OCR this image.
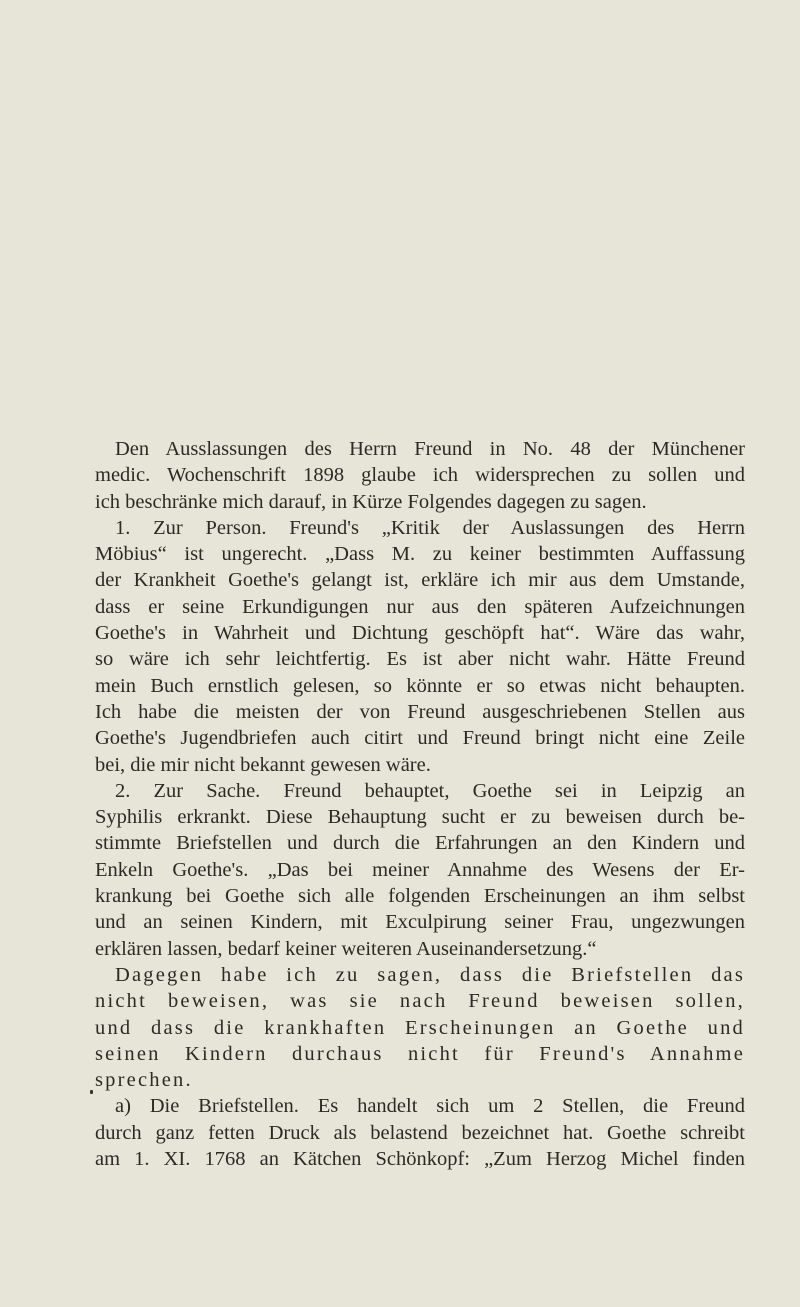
Den Ausslassungen des Herrn Freund in No. 48 der Münchener
medic. Wochenschrift 1898 glaube ich widersprechen zu sollen und
ich beschränke mich darauf, in Kürze Folgendes dagegen zu sagen.
1. Zur Person. Freund's „Kritik der Auslassungen des Herrn
Möbius“ ist ungerecht. „Dass M. zu keiner bestimmten Auffassung
der Krankheit Goethe's gelangt ist, erkläre ich mir aus dem Umstande,
dass er seine Erkundigungen nur aus den späteren Aufzeichnungen
Goethe's in Wahrheit und Dichtung geschöpft hat“. Wäre das wahr,
so wäre ich sehr leichtfertig. Es ist aber nicht wahr. Hätte Freund
mein Buch ernstlich gelesen, so könnte er so etwas nicht behaupten.
Ich habe die meisten der von Freund ausgeschriebenen Stellen aus
Goethe's Jugendbriefen auch citirt und Freund bringt nicht eine Zeile
bei, die mir nicht bekannt gewesen wäre.
2. Zur Sache. Freund behauptet, Goethe sei in Leipzig an
Syphilis erkrankt. Diese Behauptung sucht er zu beweisen durch be-
stimmte Briefstellen und durch die Erfahrungen an den Kindern und
Enkeln Goethe's. „Das bei meiner Annahme des Wesens der Er-
krankung bei Goethe sich alle folgenden Erscheinungen an ihm selbst
und an seinen Kindern, mit Exculpirung seiner Frau, ungezwungen
erklären lassen, bedarf keiner weiteren Auseinandersetzung.“
Dagegen habe ich zu sagen, dass die Briefstellen das
nicht beweisen, was sie nach Freund beweisen sollen,
und dass die krankhaften Erscheinungen an Goethe und
seinen Kindern durchaus nicht für Freund's Annahme
sprechen.
a) Die Briefstellen. Es handelt sich um 2 Stellen, die Freund
durch ganz fetten Druck als belastend bezeichnet hat. Goethe schreibt
am 1. XI. 1768 an Kätchen Schönkopf: „Zum Herzog Michel finden
